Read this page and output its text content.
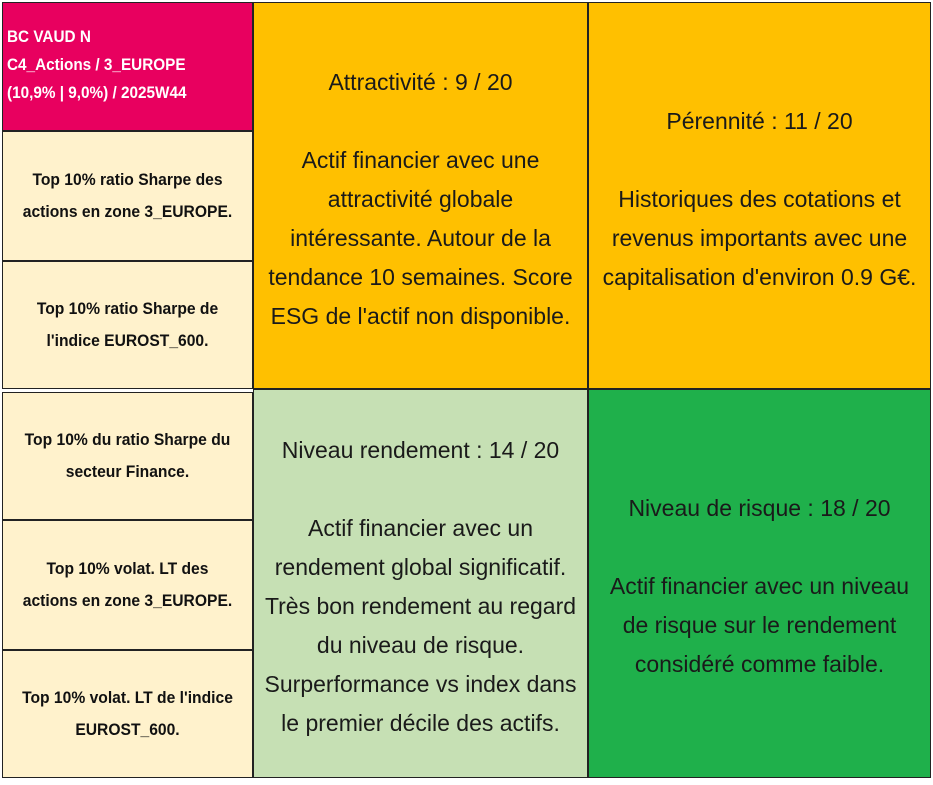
BC VAUD N
C4_Actions / 3_EUROPE
(10,9% | 9,0%) / 2025W44
Top 10% ratio Sharpe des actions en zone 3_EUROPE.
Top 10% ratio Sharpe de l'indice EUROST_600.
Top 10% du ratio Sharpe du secteur Finance.
Top 10% volat. LT des actions en zone 3_EUROPE.
Top 10% volat. LT de l'indice EUROST_600.
Attractivité : 9 / 20
Actif financier avec une attractivité globale intéressante. Autour de la tendance 10 semaines. Score ESG de l'actif non disponible.
Pérennité : 11 / 20
Historiques des cotations et revenus importants avec une capitalisation d'environ 0.9 G€.
Niveau rendement : 14 / 20
Actif financier avec un rendement global significatif. Très bon rendement au regard du niveau de risque. Surperformance vs index dans le premier décile des actifs.
Niveau de risque : 18 / 20
Actif financier avec un niveau de risque sur le rendement considéré comme faible.
